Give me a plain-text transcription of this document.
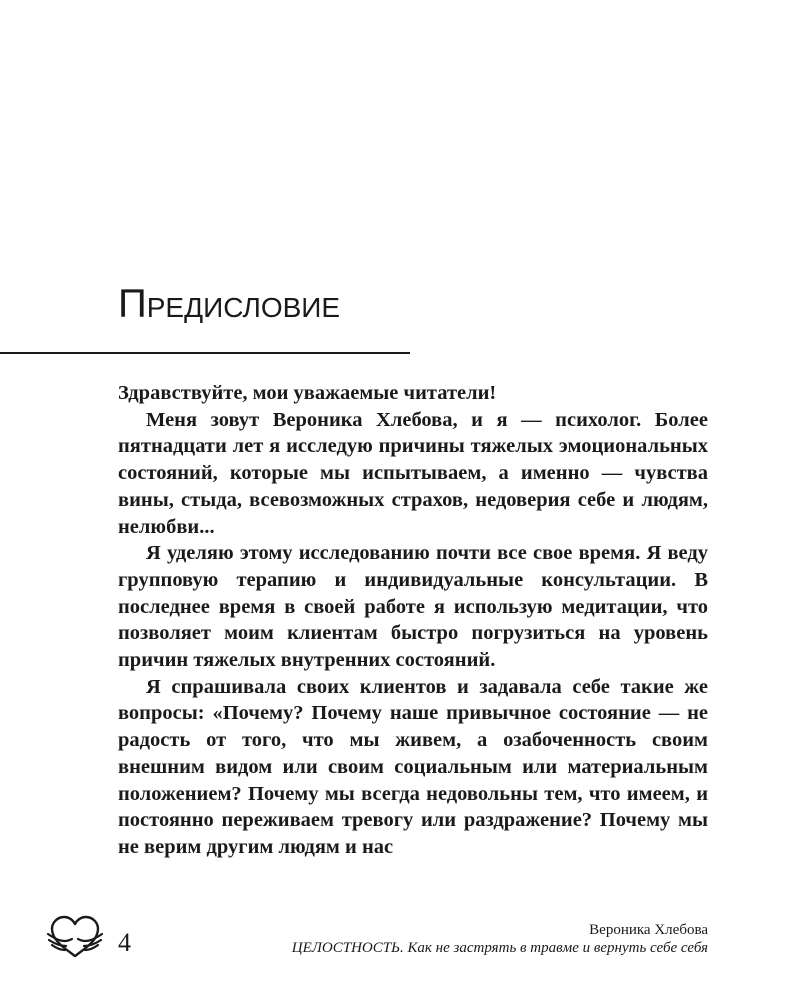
Предисловие

Здравствуйте, мои уважаемые читатели!

Меня зовут Вероника Хлебова, и я — психолог. Более пятнадцати лет я исследую причины тяжелых эмоциональных состояний, которые мы испытываем, а именно — чувства вины, стыда, всевозможных страхов, недоверия себе и людям, нелюбви...

Я уделяю этому исследованию почти все свое время. Я веду групповую терапию и индивидуальные консультации. В последнее время в своей работе я использую медитации, что позволяет моим клиентам быстро погрузиться на уровень причин тяжелых внутренних состояний.

Я спрашивала своих клиентов и задавала себе такие же вопросы: «Почему? Почему наше привычное состояние — не радость от того, что мы живем, а озабоченность своим внешним видом или своим социальным или материальным положением? Почему мы всегда недовольны тем, что имеем, и постоянно переживаем тревогу или раздражение? Почему мы не верим другим людям и нас

4	Вероника Хлебова
ЦЕЛОСТНОСТЬ. Как не застрять в травме и вернуть себе себя
